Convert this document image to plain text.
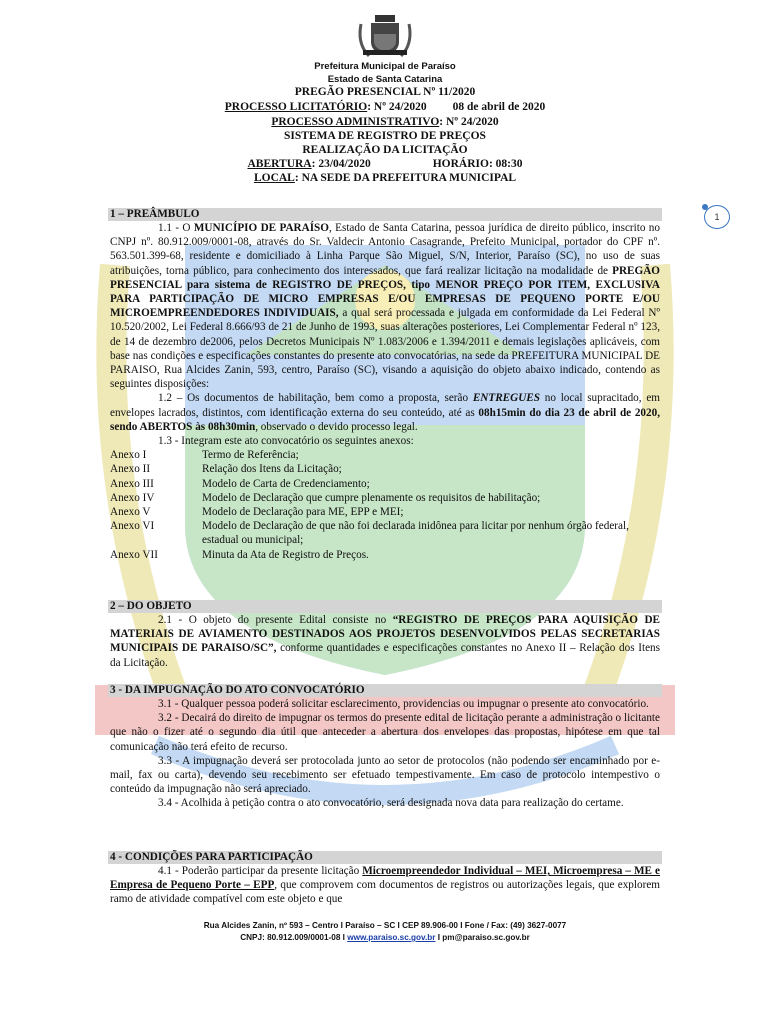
Prefeitura Municipal de Paraíso
Estado de Santa Catarina
PREGÃO PRESENCIAL Nº 11/2020
PROCESSO LICITATÓRIO: Nº 24/2020 08 de abril de 2020
PROCESSO ADMINISTRATIVO: Nº 24/2020
SISTEMA DE REGISTRO DE PREÇOS
REALIZAÇÃO DA LICITAÇÃO
ABERTURA: 23/04/2020	HORÁRIO: 08:30
LOCAL: NA SEDE DA PREFEITURA MUNICIPAL
1
1 – PREÂMBULO
1.1 - O MUNICÍPIO DE PARAÍSO, Estado de Santa Catarina, pessoa jurídica de direito público, inscrito no CNPJ nº. 80.912.009/0001-08, através do Sr. Valdecir Antonio Casagrande, Prefeito Municipal, portador do CPF nº. 563.501.399-68, residente e domiciliado à Linha Parque São Miguel, S/N, Interior, Paraíso (SC), no uso de suas atribuições, torna público, para conhecimento dos interessados, que fará realizar licitação na modalidade de PREGÃO PRESENCIAL para sistema de REGISTRO DE PREÇOS, tipo MENOR PREÇO POR ITEM, EXCLUSIVA PARA PARTICIPAÇÃO DE MICRO EMPRESAS E/OU EMPRESAS DE PEQUENO PORTE E/OU MICROEMPREENDEDORES INDIVIDUAIS, a qual será processada e julgada em conformidade da Lei Federal Nº 10.520/2002, Lei Federal 8.666/93 de 21 de Junho de 1993, suas alterações posteriores, Lei Complementar Federal nº 123, de 14 de dezembro de2006, pelos Decretos Municipais Nº 1.083/2006 e 1.394/2011 e demais legislações aplicáveis, com base nas condições e especificações constantes do presente ato convocatórias, na sede da PREFEITURA MUNICIPAL DE PARAISO, Rua Alcides Zanin, 593, centro, Paraíso (SC), visando a aquisição do objeto abaixo indicado, contendo as seguintes disposições:
1.2 – Os documentos de habilitação, bem como a proposta, serão ENTREGUES no local supracitado, em envelopes lacrados, distintos, com identificação externa do seu conteúdo, até as 08h15min do dia 23 de abril de 2020, sendo ABERTOS às 08h30min, observado o devido processo legal.
1.3 - Integram este ato convocatório os seguintes anexos:
Anexo I	Termo de Referência;
Anexo II	Relação dos Itens da Licitação;
Anexo III	Modelo de Carta de Credenciamento;
Anexo IV	Modelo de Declaração que cumpre plenamente os requisitos de habilitação;
Anexo V	Modelo de Declaração para ME, EPP e MEI;
Anexo VI	Modelo de Declaração de que não foi declarada inidônea para licitar por nenhum órgão federal, estadual ou municipal;
Anexo VII	Minuta da Ata de Registro de Preços.
2 – DO OBJETO
2.1 - O objeto do presente Edital consiste no “REGISTRO DE PREÇOS PARA AQUISIÇÃO DE MATERIAIS DE AVIAMENTO DESTINADOS AOS PROJETOS DESENVOLVIDOS PELAS SECRETARIAS MUNICIPAIS DE PARAISO/SC”, conforme quantidades e especificações constantes no Anexo II – Relação dos Itens da Licitação.
3 - DA IMPUGNAÇÃO DO ATO CONVOCATÓRIO
3.1 - Qualquer pessoa poderá solicitar esclarecimento, providencias ou impugnar o presente ato convocatório.
3.2 - Decairá do direito de impugnar os termos do presente edital de licitação perante a administração o licitante que não o fizer até o segundo dia útil que anteceder a abertura dos envelopes das propostas, hipótese em que tal comunicação não terá efeito de recurso.
3.3 - A impugnação deverá ser protocolada junto ao setor de protocolos (não podendo ser encaminhado por e-mail, fax ou carta), devendo seu recebimento ser efetuado tempestivamente. Em caso de protocolo intempestivo o conteúdo da impugnação não será apreciado.
3.4 - Acolhida à petição contra o ato convocatório, será designada nova data para realização do certame.
4 - CONDIÇÕES PARA PARTICIPAÇÃO
4.1 - Poderão participar da presente licitação Microempreendedor Individual – MEI, Microempresa – ME e Empresa de Pequeno Porte – EPP, que comprovem com documentos de registros ou autorizações legais, que explorem ramo de atividade compatível com este objeto e que
Rua Alcides Zanin, nº 593 – Centro I Paraíso – SC I CEP 89.906-00 I Fone / Fax: (49) 3627-0077
CNPJ: 80.912.009/0001-08 I www.paraiso.sc.gov.br I pm@paraiso.sc.gov.br
